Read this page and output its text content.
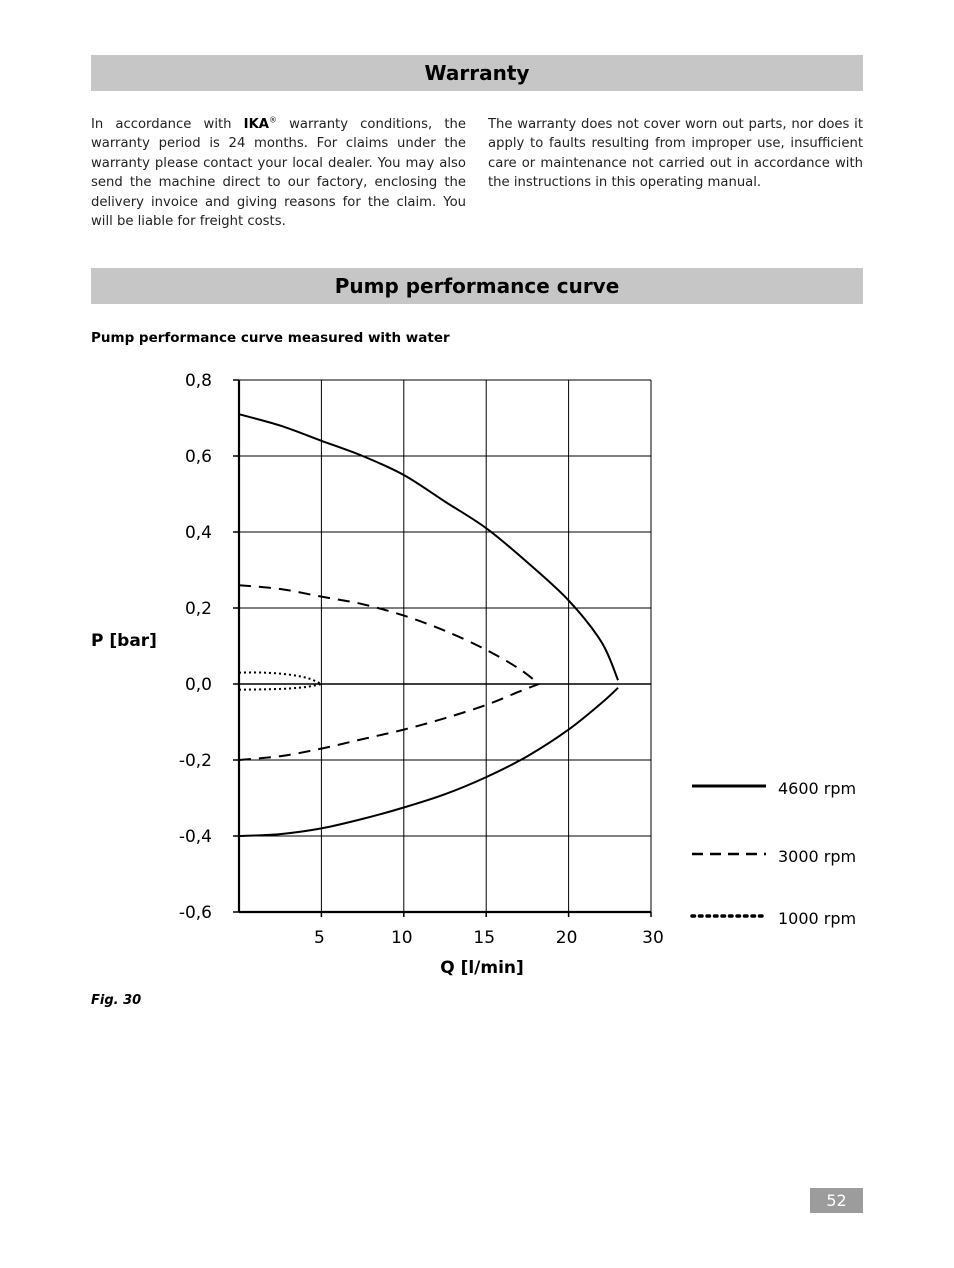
Warranty
In accordance with IKA® warranty conditions, the warranty period is 24 months. For claims under the warranty please contact your local dealer. You may also send the machine direct to our factory, enclosing the delivery invoice and giving reasons for the claim. You will be liable for freight costs.
The warranty does not cover worn out parts, nor does it apply to faults resulting from improper use, insufficient care or maintenance not carried out in accordance with the instructions in this operating manual.
Pump performance curve
Pump performance curve measured with water
0,8
0,6
0,4
0,2
0,0
-0,2
-0,4
-0,6
5	10	15	20	30
P [bar]
Q [l/min]
4600 rpm
3000 rpm
1000 rpm
Fig. 30
52
